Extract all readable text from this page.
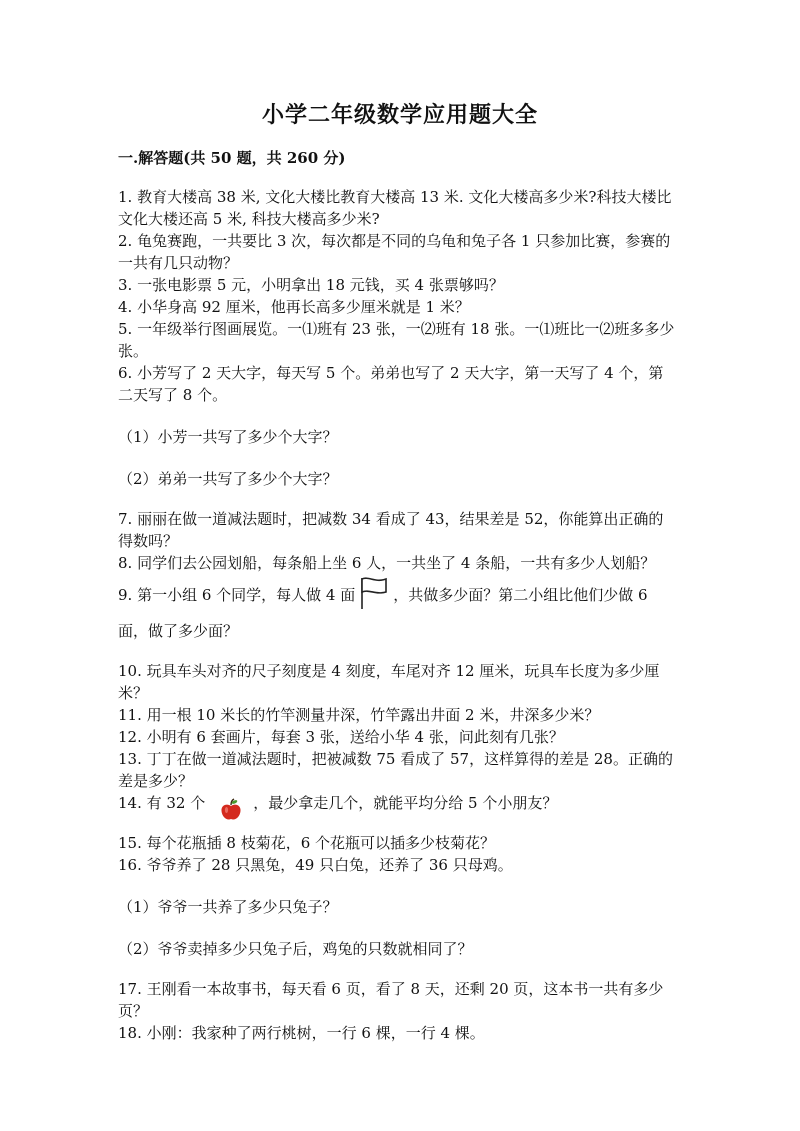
小学二年级数学应用题大全
一.解答题(共 50 题，共 260 分)

1. 教育大楼高 38 米, 文化大楼比教育大楼高 13 米. 文化大楼高多少米?科技大楼比文化大楼还高 5 米, 科技大楼高多少米?

2. 龟兔赛跑，一共要比 3 次，每次都是不同的乌龟和兔子各 1 只参加比赛，参赛的一共有几只动物？

3. 一张电影票 5 元，小明拿出 18 元钱，买 4 张票够吗？

4. 小华身高 92 厘米，他再长高多少厘米就是 1 米？

5. 一年级举行图画展览。一⑴班有 23 张，一⑵班有 18 张。一⑴班比一⑵班多多少张。

6. 小芳写了 2 天大字，每天写 5 个。弟弟也写了 2 天大字，第一天写了 4 个，第二天写了 8 个。

（1）小芳一共写了多少个大字？

（2）弟弟一共写了多少个大字？

7. 丽丽在做一道减法题时，把减数 34 看成了 43，结果差是 52，你能算出正确的得数吗？

8. 同学们去公园划船，每条船上坐 6 人，一共坐了 4 条船，一共有多少人划船？

9. 第一小组 6 个同学，每人做 4 面	，共做多少面？第二小组比他们少做 6

面，做了多少面？

10. 玩具车头对齐的尺子刻度是 4 刻度，车尾对齐 12 厘米，玩具车长度为多少厘米？

11. 用一根 10 米长的竹竿测量井深，竹竿露出井面 2 米，井深多少米？

12. 小明有 6 套画片，每套 3 张，送给小华 4 张，问此刻有几张？

13. 丁丁在做一道减法题时，把被减数 75 看成了 57，这样算得的差是 28。正确的差是多少？

14. 有 32 个	，最少拿走几个，就能平均分给 5 个小朋友？

15. 每个花瓶插 8 枝菊花，6 个花瓶可以插多少枝菊花？

16. 爷爷养了 28 只黑兔，49 只白兔，还养了 36 只母鸡。

（1）爷爷一共养了多少只兔子？

（2）爷爷卖掉多少只兔子后，鸡兔的只数就相同了？

17. 王刚看一本故事书，每天看 6 页，看了 8 天，还剩 20 页，这本书一共有多少页？

18. 小刚：我家种了两行桃树，一行 6 棵，一行 4 棵。
